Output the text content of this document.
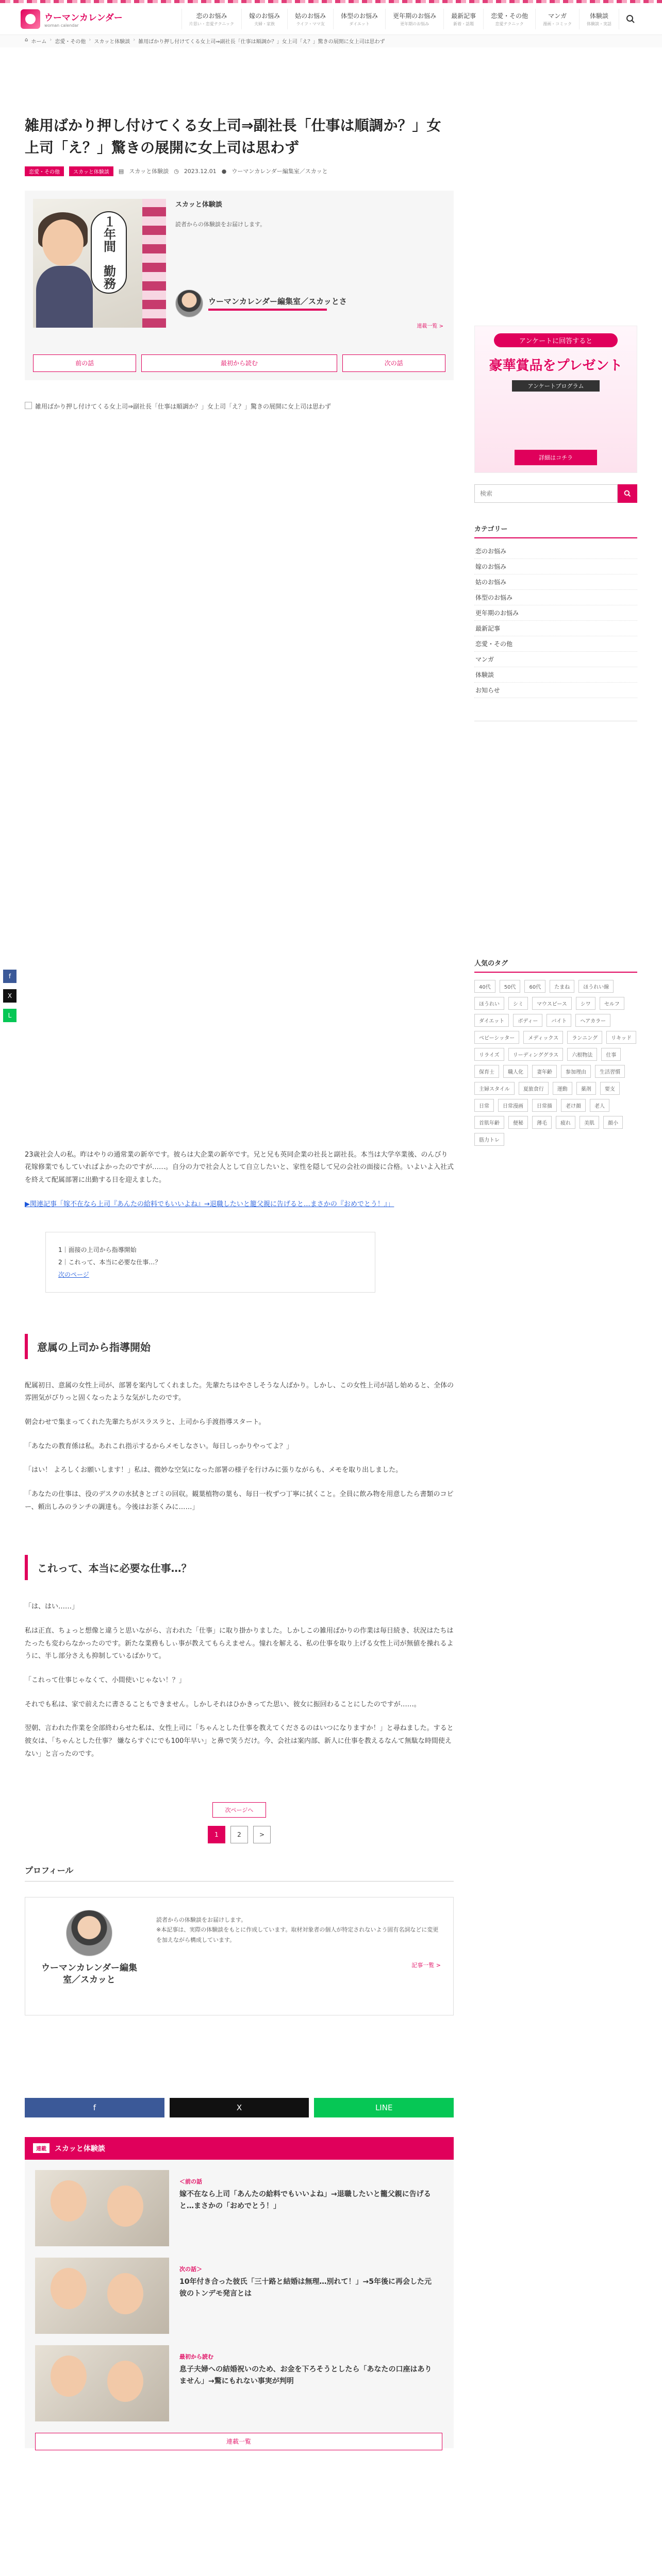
ウーマンカレンダー
woman calendar
恋のお悩み
片思い・恋愛テクニック
嫁のお悩み
夫婦・家族
姑のお悩み
ライフ・ママ友
体型のお悩み
ダイエット
更年期のお悩み
更年期のお悩み
最新記事
新着・話題
恋愛・その他
恋愛テクニック
マンガ
漫画・コミック
体験談
体験談・実話
⌂ ホーム › 恋愛・その他 › スカッと体験談 › 雑用ばかり押し付けてくる女上司⇒副社長「仕事は順調か？」女上司「え？」驚きの展開に女上司は思わず
f
X
L
雑用ばかり押し付けてくる女上司⇒副社長「仕事は順調か？」女上司「え？」驚きの展開に女上司は思わず
恋愛・その他	スカッと体験談	▤ スカッと体験談 ◷ 2023.12.01 ● ウーマンカレンダー編集室／スカッと
１年間　勤務
スカッと体験談
読者からの体験談をお届けします。
ウーマンカレンダー編集室／スカッとさ
連載一覧 >
前の話	最初から読む	次の話
雑用ばかり押し付けてくる女上司⇒副社長「仕事は順調か？」女上司「え？」驚きの展開に女上司は思わず

23歳社会人の私。昨はやりの通常業の新卒です。彼らは大企業の新卒です。兄と兄も英同企業の社長と副社長。本当は大学卒業後、のんびり花嫁修業でもしていればよかったのですが……。自分の力で社会人として自立したいと、家性を隠して兄の会社の面接に合格。いよいよ入社式を終えて配属部署に出勤する日を迎えました。

▶関連記事「嫁不在なら上司『あんたの給料でもいいよね』→退職したいと籠父親に告げると…まさかの『おめでとう！』」
1｜面接の上司から指導開始
2｜これって、本当に必要な仕事…？
次のページ
意属の上司から指導開始

配属初日、意属の女性上司が、部署を案内してくれました。先輩たちはやさしそうな人ばかり。しかし、この女性上司が話し始めると、全体の雰囲気がぴりっと固くなったような気がしたのです。

朝会わせで集まってくれた先輩たちがスラスラと、上司から手渡指導スタート。

「あなたの教育係は私。あれこれ指示するからメモしなさい。毎日しっかりやってよ？」

「はい！ よろしくお願いします！」私は、微妙な空気になった部署の様子を行けみに張りながらも、メモを取り出しました。

「あなたの仕事は、役のデスクの水拭きとゴミの回収。観葉植物の葉も、毎日一枚ずつ丁寧に拭くこと。全員に飲み物を用意したら書類のコピー、頼出しみのランチの調達も。今後はお茶くみに……」

これって、本当に必要な仕事…？

「は、はい……」

私は正直、ちょっと想像と違うと思いながら、言われた「仕事」に取り掛かりました。しかしこの雑用ばかりの作業は毎日続き、状況はたちはたったも変わらなかったのです。新たな業務もしぃ事が教えてもらえません。憧れを解える、私の仕事を取り上げる女性上司が無値を操れるように、半し部分さえも抑制しているばかりて。

「これって仕事じゃなくて、小間使いじゃない！？」

それでも私は、家で前えたに書さることもできません。しかしそれはひかきってた思い、彼女に振回わることにしたのですが……。

翌朝、言われた作業を全部終わらせた私は、女性上司に「ちゃんとした仕事を教えてくださるのはいつになりますか！」と尋ねました。すると彼女は、「ちゃんとした仕事？ 嫌ならすぐにでも100年早い」と鼻で笑うだけ。今、会社は案内部、新人に仕事を教えるなんて無駄な時間使えない」と言ったのです。

次ページへ
1	2	>
プロフィール
ウーマンカレンダー編集室／スカッと
読者からの体験談をお届けします。
※本記事は、実際の体験談をもとに作成しています。取材対象者の個人が特定されないよう固有名詞などに変更を加えながら構成しています。
記事一覧 >
f	X	LINE
連載	スカッと体験談
＜前の話
嫁不在なら上司「あんたの給料でもいいよね」→退職したいと籠父親に告げると…まさかの「おめでとう！」
次の話＞
10年付き合った彼氏「三十路と結婚は無理…別れて！」→5年後に再会した元彼のトンデモ発言とは
最初から読む
息子夫婦への結婚祝いのため、お金を下ろそうとしたら「あなたの口座はありません」→驚にもれない事実が判明
連載一覧
アンケートに回答すると
豪華賞品をプレゼント
アンケートプログラム
詳細はコチラ
検索
カテゴリー
恋のお悩み
嫁のお悩み
姑のお悩み
体型のお悩み
更年期のお悩み
最新記事
恋愛・その他
マンガ
体験談
お知らせ
人気のタグ
40代	50代	60代	たまね	ほうれい線
ほうれい	シミ	マウスピース	シワ	セルフ
ダイエット	ボディー	バイト	ヘアカラー
ベビーシッター	メディックス	ランニング	リキッド
リライズ	リーディンググラス	六根物法	仕事
保育士	職人化	妻年齢	参加理由	生活習慣
主婦スタイル	夏旅食行	運動	薬剤	要支
日常	日常漫画	日常描	老け顔	老人
首肌年齢	便秘	薄毛	疲れ	美肌	顔小
筋力トレ
